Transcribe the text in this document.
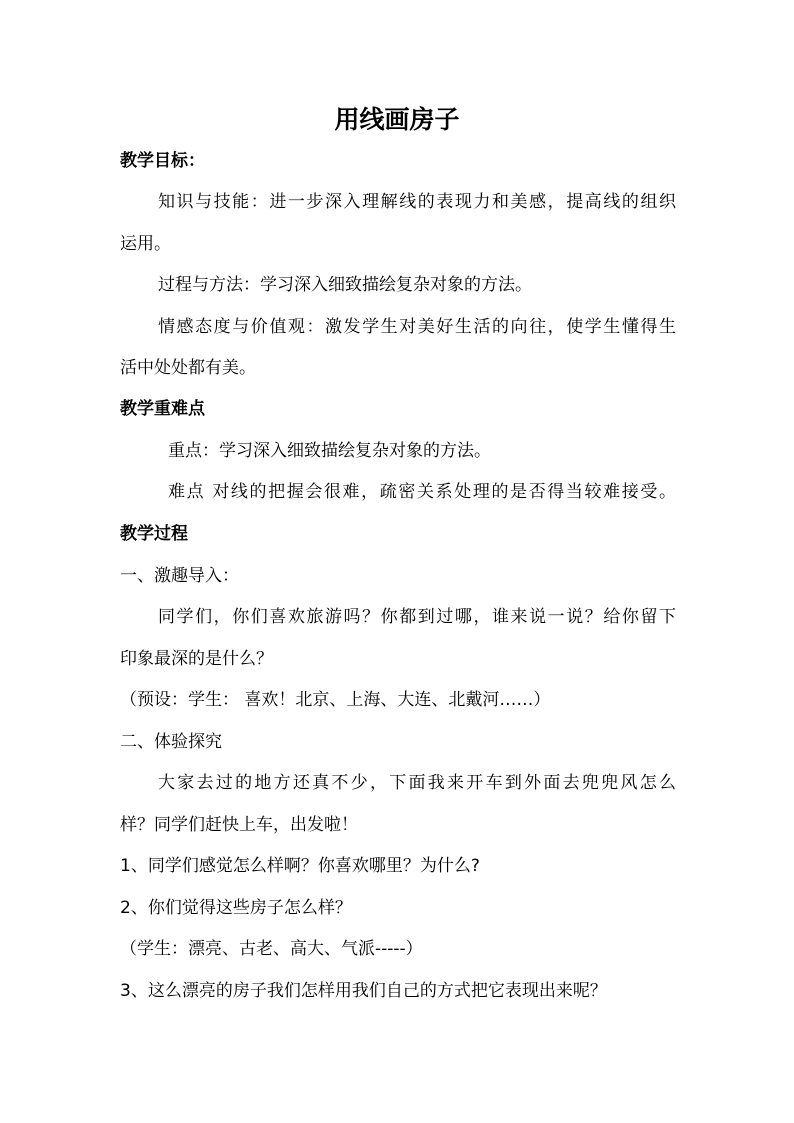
用线画房子
教学目标：
知识与技能：进一步深入理解线的表现力和美感，提高线的组织
运用。
过程与方法：学习深入细致描绘复杂对象的方法。
情感态度与价值观：激发学生对美好生活的向往，使学生懂得生
活中处处都有美。
教学重难点
重点：学习深入细致描绘复杂对象的方法。
难点 对线的把握会很难，疏密关系处理的是否得当较难接受。
教学过程
一、激趣导入：
同学们，你们喜欢旅游吗？你都到过哪，谁来说一说？给你留下
印象最深的是什么？
（预设：学生： 喜欢！北京、上海、大连、北戴河……）
二、体验探究
大家去过的地方还真不少，下面我来开车到外面去兜兜风怎么
样？同学们赶快上车，出发啦！
1、同学们感觉怎么样啊？你喜欢哪里？为什么?
2、你们觉得这些房子怎么样？
（学生：漂亮、古老、高大、气派-----）
3、这么漂亮的房子我们怎样用我们自己的方式把它表现出来呢？
